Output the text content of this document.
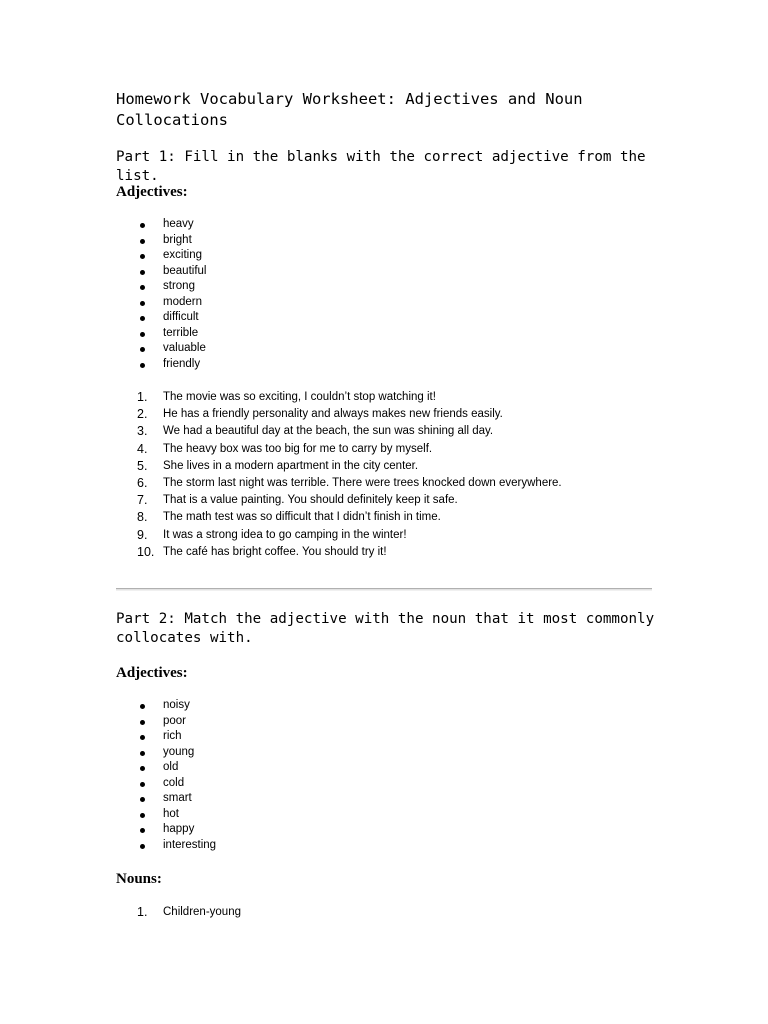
Homework Vocabulary Worksheet: Adjectives and Noun Collocations
Part 1: Fill in the blanks with the correct adjective from the list.
Adjectives:
heavy
bright
exciting
beautiful
strong
modern
difficult
terrible
valuable
friendly
1.	The movie was so exciting, I couldn’t stop watching it!
2.	He has a friendly personality and always makes new friends easily.
3.	We had a beautiful day at the beach, the sun was shining all day.
4.	The heavy box was too big for me to carry by myself.
5.	She lives in a modern apartment in the city center.
6.	The storm last night was terrible. There were trees knocked down everywhere.
7.	That is a value painting. You should definitely keep it safe.
8.	The math test was so difficult that I didn’t finish in time.
9.	It was a strong idea to go camping in the winter!
10. The café has bright coffee. You should try it!
Part 2: Match the adjective with the noun that it most commonly collocates with.
Adjectives:
noisy
poor
rich
young
old
cold
smart
hot
happy
interesting
Nouns:
1.	Children-young
